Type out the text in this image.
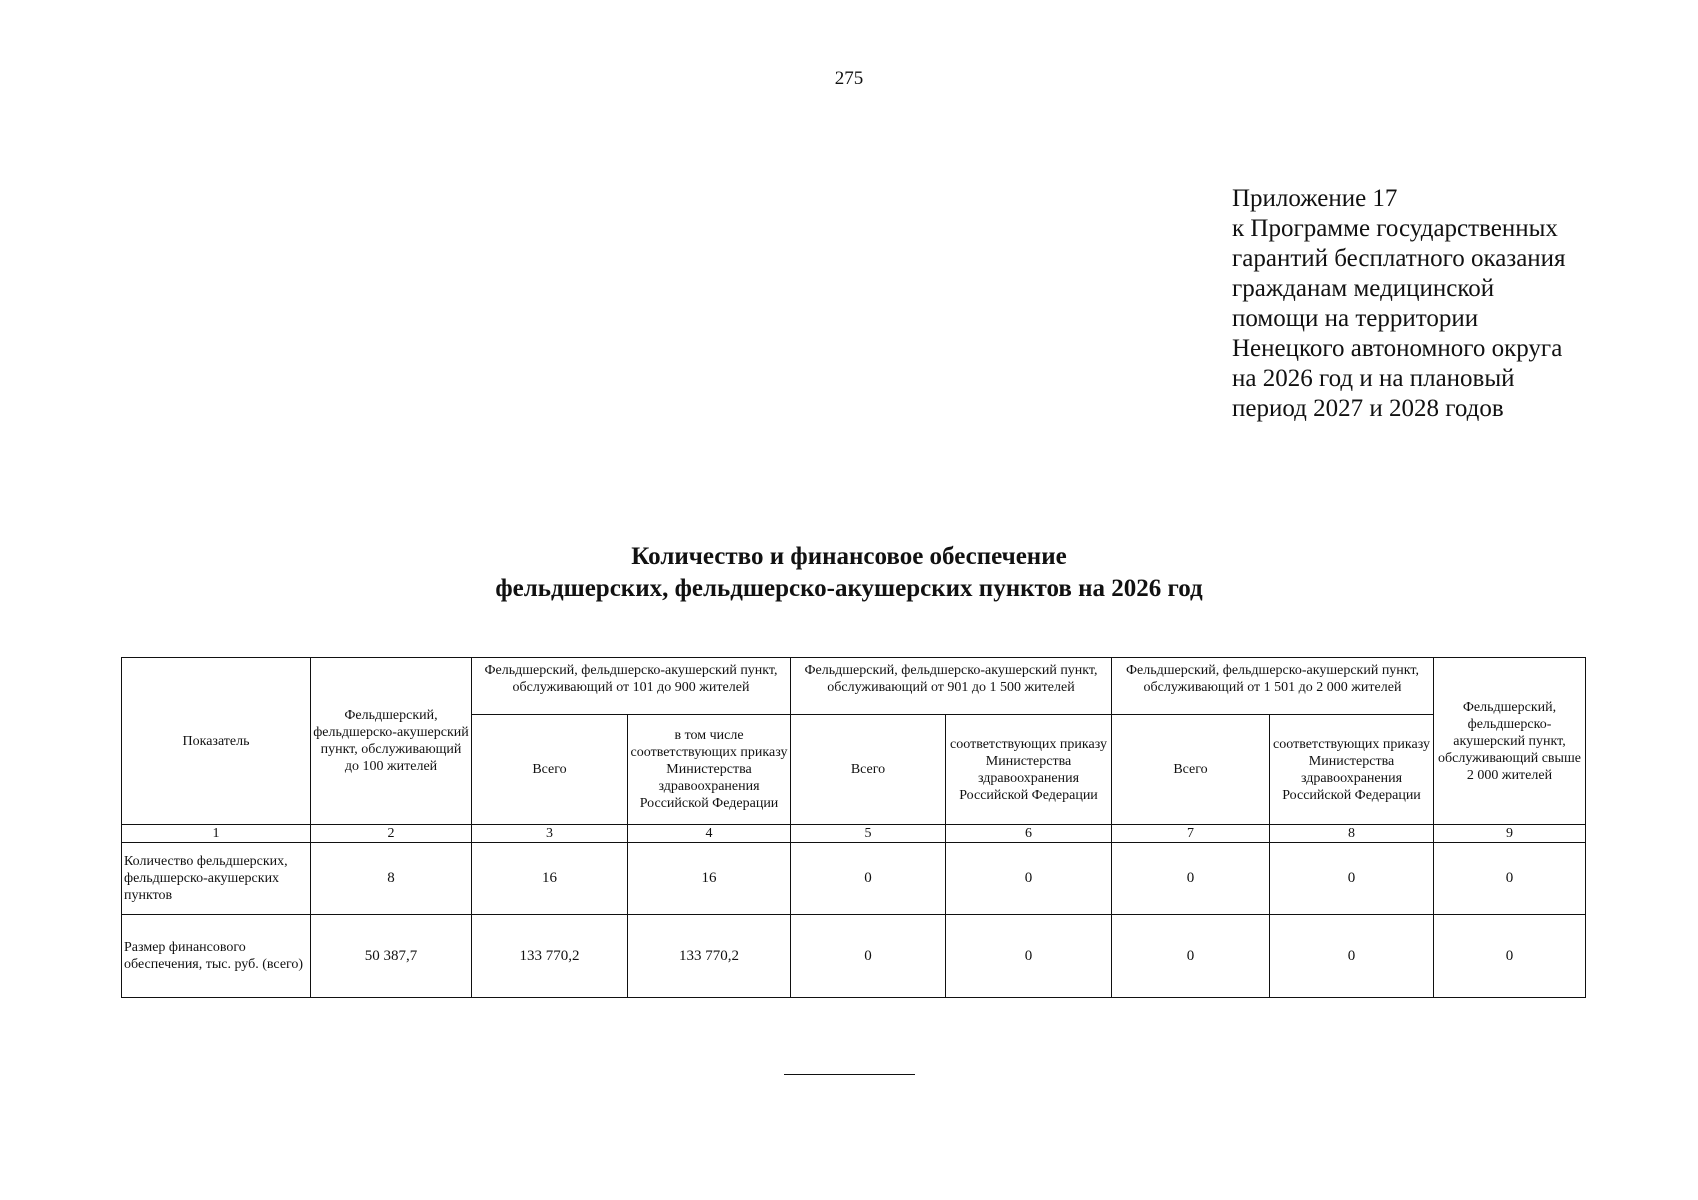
275
Приложение 17
к Программе государственных
гарантий бесплатного оказания
гражданам медицинской
помощи на территории
Ненецкого автономного округа
на 2026 год и на плановый
период 2027 и 2028 годов
Количество и финансовое обеспечение
фельдшерских, фельдшерско-акушерских пунктов на 2026 год
Показатель	Фельдшерский, фельдшерско-акушерский пункт, обслуживающий до 100 жителей	Фельдшерский, фельдшерско-акушерский пункт, обслуживающий от 101 до 900 жителей		Фельдшерский, фельдшерско-акушерский пункт, обслуживающий от 901 до 1 500 жителей		Фельдшерский, фельдшерско-акушерский пункт, обслуживающий от 1 501 до 2 000 жителей		Фельдшерский, фельдшерско-акушерский пункт, обслуживающий свыше 2 000 жителей
		Всего	в том числе соответствующих приказу Министерства здравоохранения Российской Федерации	Всего	соответствующих приказу Министерства здравоохранения Российской Федерации	Всего	соответствующих приказу Министерства здравоохранения Российской Федерации	
1	2	3	4	5	6	7	8	9
Количество фельдшерских, фельдшерско-акушерских пунктов	8	16	16	0	0	0	0	0
Размер финансового обеспечения, тыс. руб. (всего)	50 387,7	133 770,2	133 770,2	0	0	0	0	0
